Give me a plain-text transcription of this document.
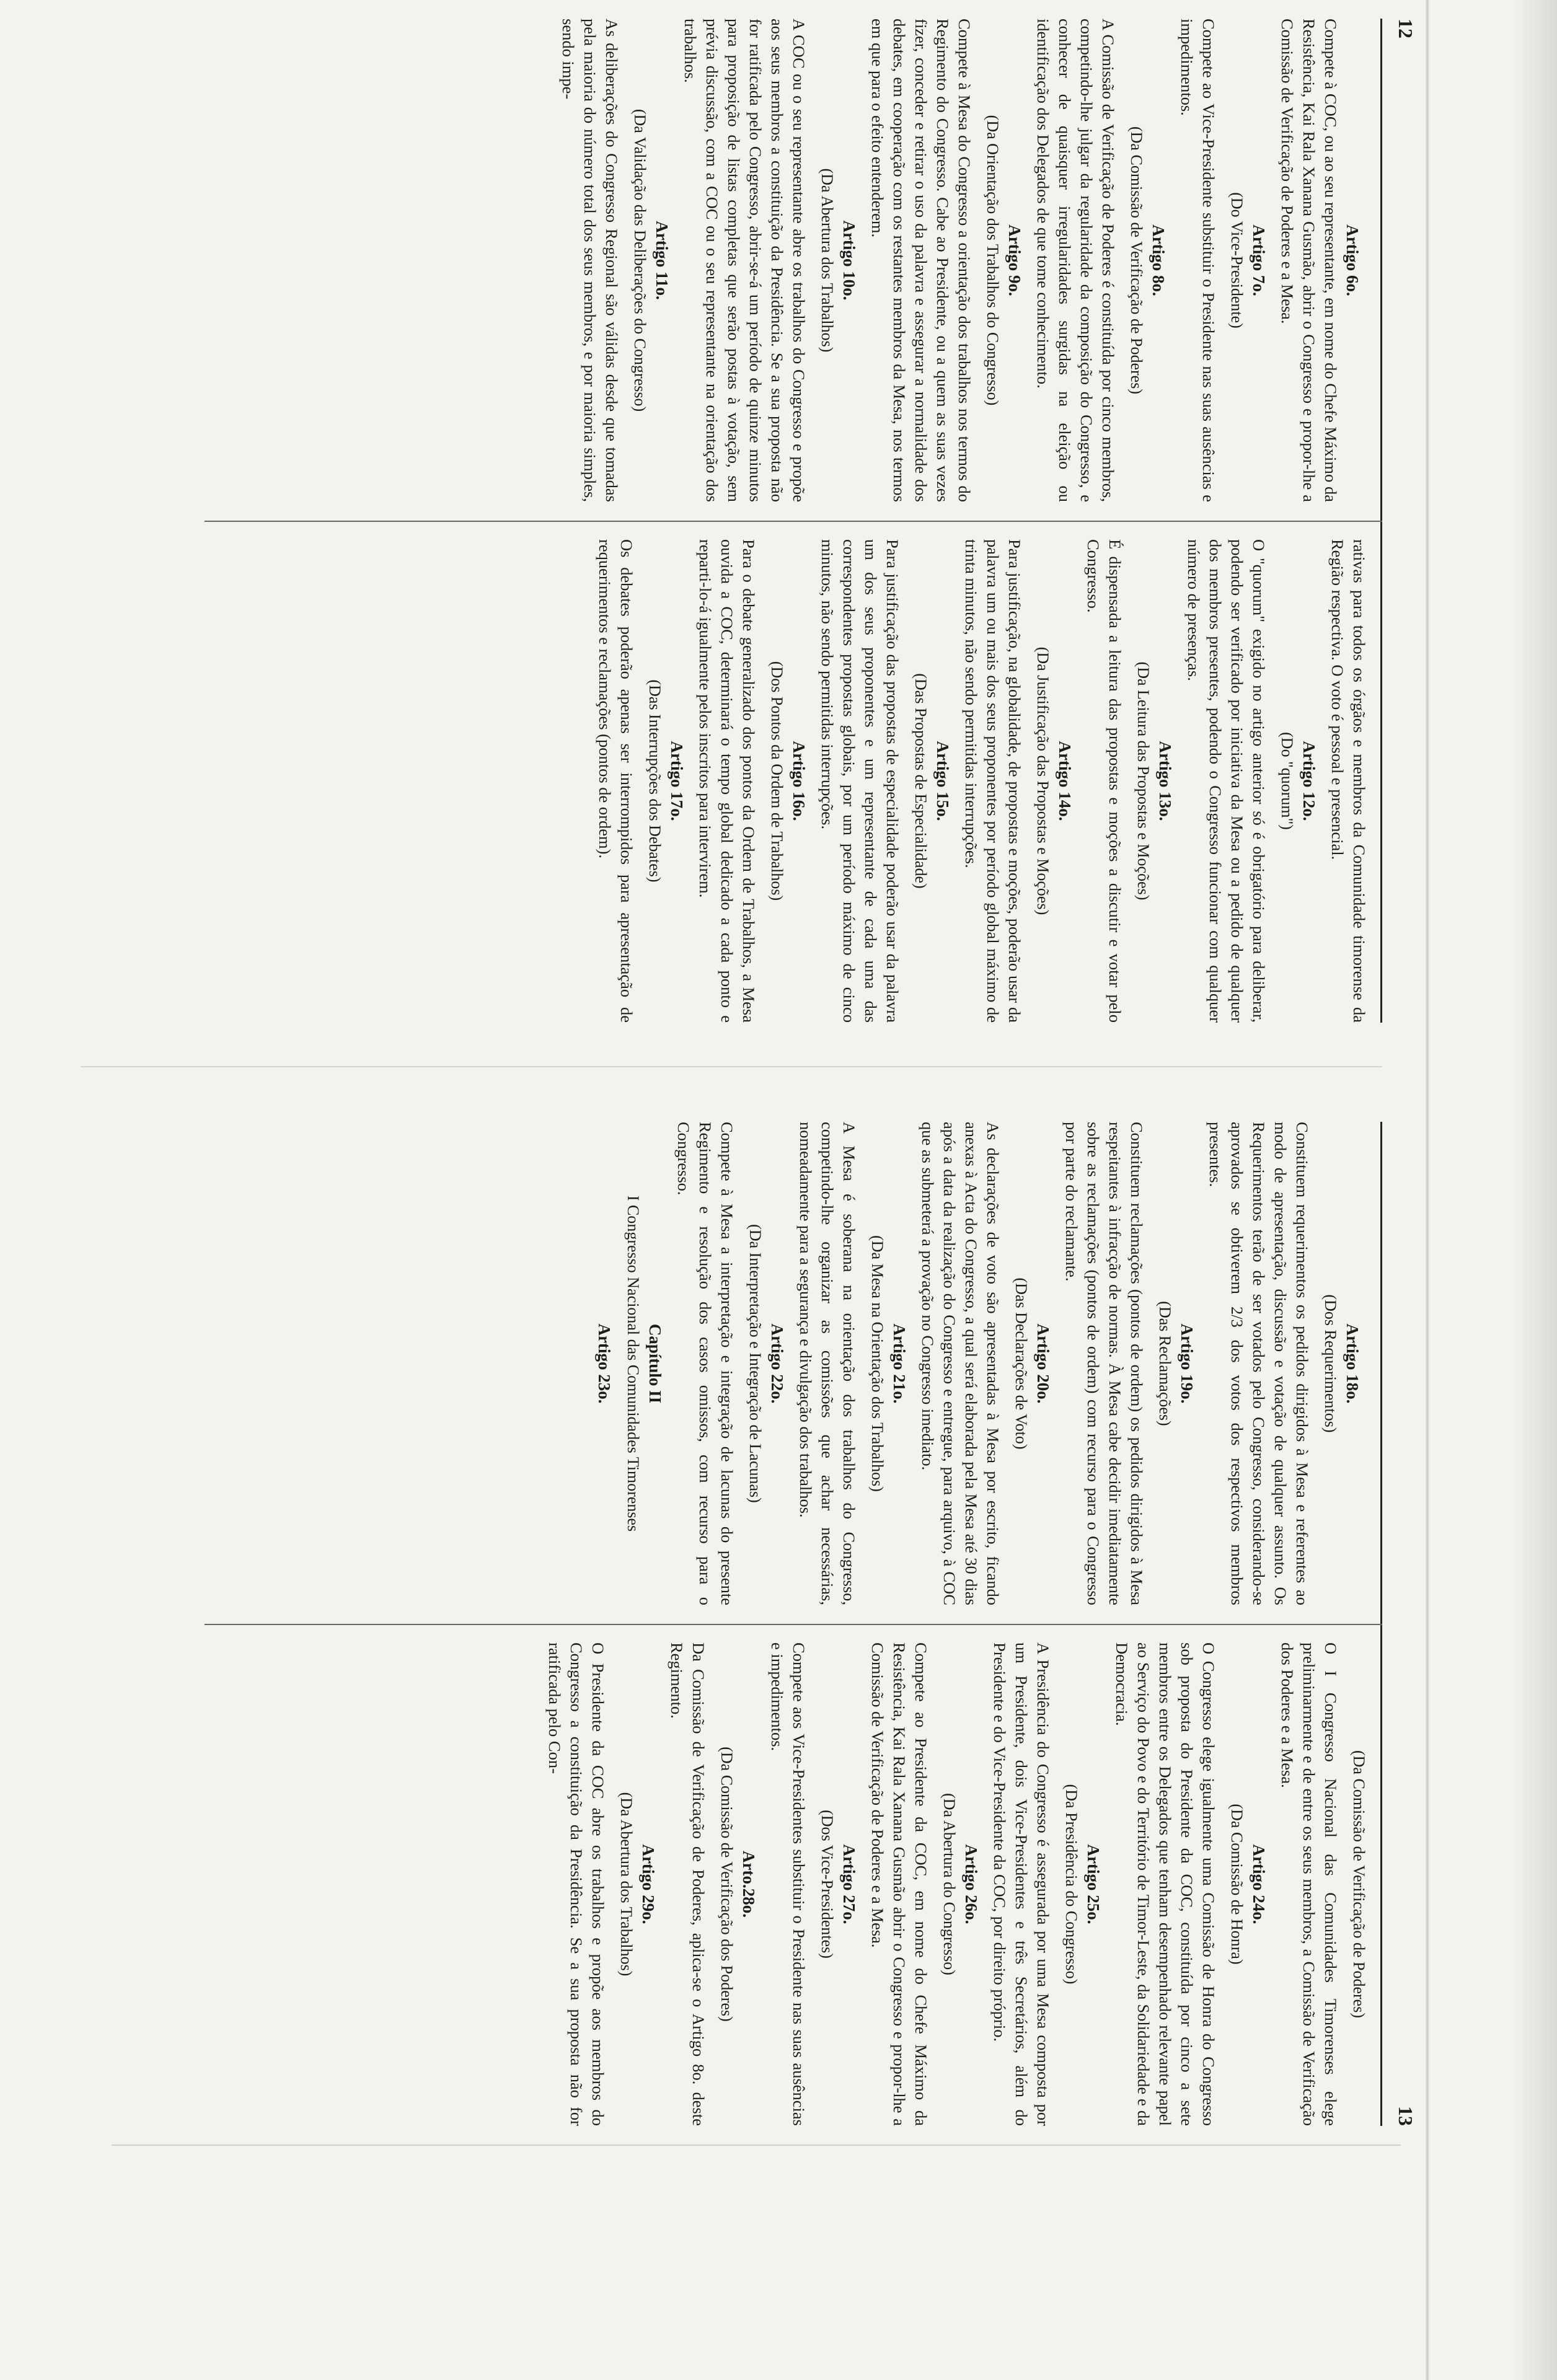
12
Artigo 6o.

Compete à COC, ou ao seu representante, em nome do Chefe Máximo da Resistência, Kai Rala Xanana Gusmão, abrir o Congresso e propor-lhe a Comissão de Verificação de Poderes e a Mesa.

Artigo 7o.
(Do Vice-Presidente)

Compete ao Vice-Presidente substituir o Presidente nas suas ausências e impedimentos.

Artigo 8o.
(Da Comissão de Verificação de Poderes)

A Comissão de Verificação de Poderes é constituída por cinco membros, competindo-lhe julgar da regularidade da composição do Congresso, e conhecer de quaisquer irregularidades surgidas na eleição ou identificação dos Delegados de que tome conhecimento.

Artigo 9o.
(Da Orientação dos Trabalhos do Congresso)

Compete à Mesa do Congresso a orientação dos trabalhos nos termos do Regimento do Congresso. Cabe ao Presidente, ou a quem as suas vezes fizer, conceder e retirar o uso da palavra e assegurar a normalidade dos debates, em cooperação com os restantes membros da Mesa, nos termos em que para o efeito entenderem.

Artigo 10o.
(Da Abertura dos Trabalhos)

A COC ou o seu representante abre os trabalhos do Congresso e propõe aos seus membros a constituição da Presidência. Se a sua proposta não for ratificada pelo Congresso, abrir-se-á um período de quinze minutos para proposição de listas completas que serão postas à votação, sem prévia discussão, com a COC ou o seu representante na orientação dos trabalhos.

Artigo 11o.
(Da Validação das Deliberações do Congresso)

As deliberações do Congresso Regional são válidas desde que tomadas pela maioria do número total dos seus membros, e por maioria simples, sendo impe-

rativas para todos os órgãos e membros da Comunidade timorense da Região respectiva. O voto é pessoal e presencial.

Artigo 12o.
(Do "quorum")

O "quorum" exigido no artigo anterior só é obrigatório para deliberar, podendo ser verificado por iniciativa da Mesa ou a pedido de qualquer dos membros presentes, podendo o Congresso funcionar com qualquer número de presenças.

Artigo 13o.
(Da Leitura das Propostas e Moções)

É dispensada a leitura das propostas e moções a discutir e votar pelo Congresso.

Artigo 14o.
(Da Justificação das Propostas e Moções)

Para justificação, na globalidade, de propostas e moções, poderão usar da palavra um ou mais dos seus proponentes por período global máximo de trinta minutos, não sendo permitidas interrupções.

Artigo 15o.
(Das Propostas de Especialidade)

Para justificação das propostas de especialidade poderão usar da palavra um dos seus proponentes e um representante de cada uma das correspondentes propostas globais, por um período máximo de cinco minutos, não sendo permitidas interrupções.

Artigo 16o.
(Dos Pontos da Ordem de Trabalhos)

Para o debate generalizado dos pontos da Ordem de Trabalhos, a Mesa ouvida a COC, determinará o tempo global dedicado a cada ponto e reparti-lo-á igualmente pelos inscritos para intervirem.

Artigo 17o.
(Das Interrupções dos Debates)

Os debates poderão apenas ser interrompidos para apresentação de requerimentos e reclamações (pontos de ordem).

13
Artigo 18o.
(Dos Requerimentos)

Constituem requerimentos os pedidos dirigidos à Mesa e referentes ao modo de apresentação, discussão e votação de qualquer assunto. Os Requerimentos terão de ser votados pelo Congresso, considerando-se aprovados se obtiverem 2/3 dos votos dos respectivos membros presentes.

Artigo 19o.
(Das Reclamações)

Constituem reclamações (pontos de ordem) os pedidos dirigidos à Mesa respeitantes à infracção de normas. À Mesa cabe decidir imediatamente sobre as reclamações (pontos de ordem) com recurso para o Congresso por parte do reclamante.

Artigo 20o.
(Das Declarações de Voto)

As declarações de voto são apresentadas à Mesa por escrito, ficando anexas à Acta do Congresso, a qual será elaborada pela Mesa até 30 dias após a data da realização do Congresso e entregue, para arquivo, à COC que as submeterá a provação no Congresso imediato.

Artigo 21o.
(Da Mesa na Orientação dos Trabalhos)

A Mesa é soberana na orientação dos trabalhos do Congresso, competindo-lhe organizar as comissões que achar necessárias, nomeadamente para a segurança e divulgação dos trabalhos.

Artigo 22o.
(Da Interpretação e Integração de Lacunas)

Compete à Mesa a interpretação e integração de lacunas do presente Regimento e resolução dos casos omissos, com recurso para o Congresso.

Capítulo II
I Congresso Nacional das Comunidades Timorenses
Artigo 23o.
(Da Comissão de Verificação de Poderes)

O I Congresso Nacional das Comunidades Timorenses elege preliminarmente e de entre os seus membros, a Comissão de Verificação dos Poderes e a Mesa.

Artigo 24o.
(Da Comissão de Honra)

O Congresso elege igualmente uma Comissão de Honra do Congresso sob proposta do Presidente da COC, constituída por cinco a sete membros entre os Delegados que tenham desempenhado relevante papel ao Serviço do Povo e do Território de Timor-Leste, da Solidariedade e da Democracia.

Artigo 25o.
(Da Presidência do Congresso)

A Presidência do Congresso é assegurada por uma Mesa composta por um Presidente, dois Vice-Presidentes e três Secretários, além do Presidente e do Vice-Presidente da COC, por direito próprio.

Artigo 26o.
(Da Abertura do Congresso)

Compete ao Presidente da COC, em nome do Chefe Máximo da Resistência, Kai Rala Xanana Gusmão abrir o Congresso e propor-lhe a Comissão de Verificação de Poderes e a Mesa.

Artigo 27o.
(Dos Vice-Presidentes)

Compete aos Vice-Presidentes substituir o Presidente nas suas ausências e impedimentos.

Arto.28o.
(Da Comissão de Verificação dos Poderes)

Da Comissão de Verificação de Poderes, aplica-se o Artigo 8o. deste Regimento.

Artigo 29o.
(Da Abertura dos Trabalhos)

O Presidente da COC abre os trabalhos e propõe aos membros do Congresso a constituição da Presidência. Se a sua proposta não for ratificada pelo Con-
